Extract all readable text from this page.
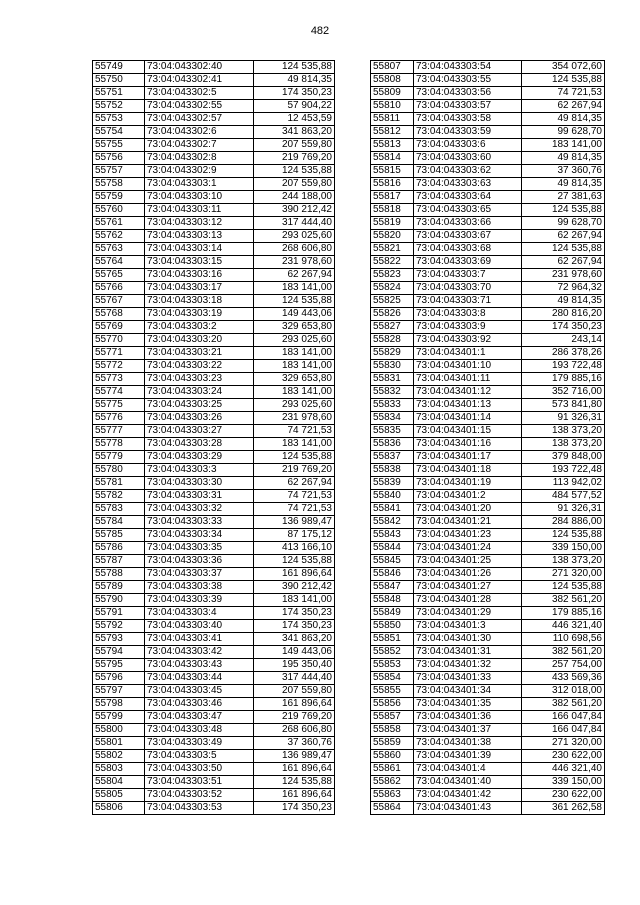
482
55749	73:04:043302:40	124 535,88
55750	73:04:043302:41	49 814,35
55751	73:04:043302:5	174 350,23
55752	73:04:043302:55	57 904,22
55753	73:04:043302:57	12 453,59
55754	73:04:043302:6	341 863,20
55755	73:04:043302:7	207 559,80
55756	73:04:043302:8	219 769,20
55757	73:04:043302:9	124 535,88
55758	73:04:043303:1	207 559,80
55759	73:04:043303:10	244 188,00
55760	73:04:043303:11	390 212,42
55761	73:04:043303:12	317 444,40
55762	73:04:043303:13	293 025,60
55763	73:04:043303:14	268 606,80
55764	73:04:043303:15	231 978,60
55765	73:04:043303:16	62 267,94
55766	73:04:043303:17	183 141,00
55767	73:04:043303:18	124 535,88
55768	73:04:043303:19	149 443,06
55769	73:04:043303:2	329 653,80
55770	73:04:043303:20	293 025,60
55771	73:04:043303:21	183 141,00
55772	73:04:043303:22	183 141,00
55773	73:04:043303:23	329 653,80
55774	73:04:043303:24	183 141,00
55775	73:04:043303:25	293 025,60
55776	73:04:043303:26	231 978,60
55777	73:04:043303:27	74 721,53
55778	73:04:043303:28	183 141,00
55779	73:04:043303:29	124 535,88
55780	73:04:043303:3	219 769,20
55781	73:04:043303:30	62 267,94
55782	73:04:043303:31	74 721,53
55783	73:04:043303:32	74 721,53
55784	73:04:043303:33	136 989,47
55785	73:04:043303:34	87 175,12
55786	73:04:043303:35	413 166,10
55787	73:04:043303:36	124 535,88
55788	73:04:043303:37	161 896,64
55789	73:04:043303:38	390 212,42
55790	73:04:043303:39	183 141,00
55791	73:04:043303:4	174 350,23
55792	73:04:043303:40	174 350,23
55793	73:04:043303:41	341 863,20
55794	73:04:043303:42	149 443,06
55795	73:04:043303:43	195 350,40
55796	73:04:043303:44	317 444,40
55797	73:04:043303:45	207 559,80
55798	73:04:043303:46	161 896,64
55799	73:04:043303:47	219 769,20
55800	73:04:043303:48	268 606,80
55801	73:04:043303:49	37 360,76
55802	73:04:043303:5	136 989,47
55803	73:04:043303:50	161 896,64
55804	73:04:043303:51	124 535,88
55805	73:04:043303:52	161 896,64
55806	73:04:043303:53	174 350,23
55807	73:04:043303:54	354 072,60
55808	73:04:043303:55	124 535,88
55809	73:04:043303:56	74 721,53
55810	73:04:043303:57	62 267,94
55811	73:04:043303:58	49 814,35
55812	73:04:043303:59	99 628,70
55813	73:04:043303:6	183 141,00
55814	73:04:043303:60	49 814,35
55815	73:04:043303:62	37 360,76
55816	73:04:043303:63	49 814,35
55817	73:04:043303:64	27 381,63
55818	73:04:043303:65	124 535,88
55819	73:04:043303:66	99 628,70
55820	73:04:043303:67	62 267,94
55821	73:04:043303:68	124 535,88
55822	73:04:043303:69	62 267,94
55823	73:04:043303:7	231 978,60
55824	73:04:043303:70	72 964,32
55825	73:04:043303:71	49 814,35
55826	73:04:043303:8	280 816,20
55827	73:04:043303:9	174 350,23
55828	73:04:043303:92	243,14
55829	73:04:043401:1	286 378,26
55830	73:04:043401:10	193 722,48
55831	73:04:043401:11	179 885,16
55832	73:04:043401:12	352 716,00
55833	73:04:043401:13	573 841,80
55834	73:04:043401:14	91 326,31
55835	73:04:043401:15	138 373,20
55836	73:04:043401:16	138 373,20
55837	73:04:043401:17	379 848,00
55838	73:04:043401:18	193 722,48
55839	73:04:043401:19	113 942,02
55840	73:04:043401:2	484 577,52
55841	73:04:043401:20	91 326,31
55842	73:04:043401:21	284 886,00
55843	73:04:043401:23	124 535,88
55844	73:04:043401:24	339 150,00
55845	73:04:043401:25	138 373,20
55846	73:04:043401:26	271 320,00
55847	73:04:043401:27	124 535,88
55848	73:04:043401:28	382 561,20
55849	73:04:043401:29	179 885,16
55850	73:04:043401:3	446 321,40
55851	73:04:043401:30	110 698,56
55852	73:04:043401:31	382 561,20
55853	73:04:043401:32	257 754,00
55854	73:04:043401:33	433 569,36
55855	73:04:043401:34	312 018,00
55856	73:04:043401:35	382 561,20
55857	73:04:043401:36	166 047,84
55858	73:04:043401:37	166 047,84
55859	73:04:043401:38	271 320,00
55860	73:04:043401:39	230 622,00
55861	73:04:043401:4	446 321,40
55862	73:04:043401:40	339 150,00
55863	73:04:043401:42	230 622,00
55864	73:04:043401:43	361 262,58
